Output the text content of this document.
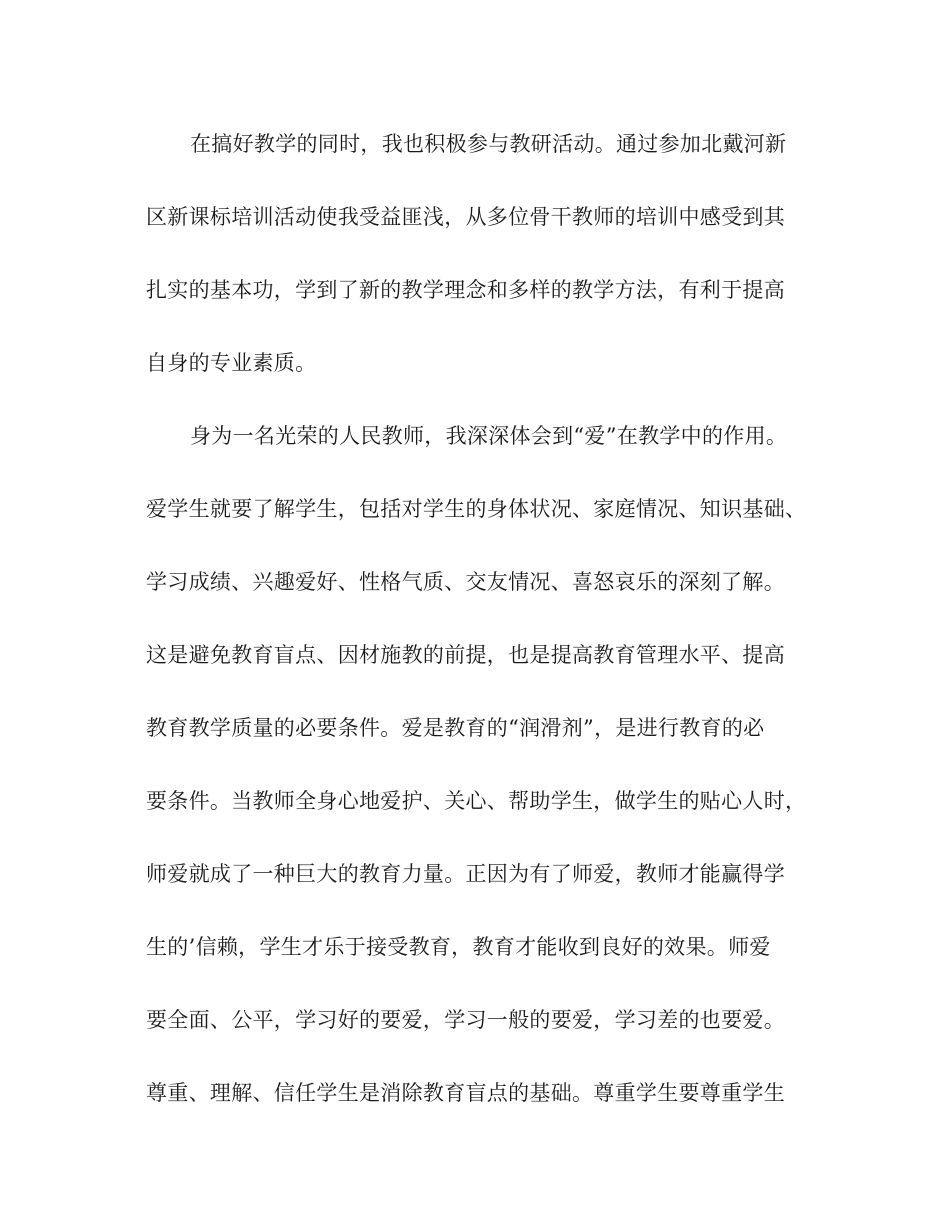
在搞好教学的同时，我也积极参与教研活动。通过参加北戴河新
区新课标培训活动使我受益匪浅，从多位骨干教师的培训中感受到其
扎实的基本功，学到了新的教学理念和多样的教学方法，有利于提高
自身的专业素质。
身为一名光荣的人民教师，我深深体会到“爱”在教学中的作用。
爱学生就要了解学生，包括对学生的身体状况、家庭情况、知识基础、
学习成绩、兴趣爱好、性格气质、交友情况、喜怒哀乐的深刻了解。
这是避免教育盲点、因材施教的前提，也是提高教育管理水平、提高
教育教学质量的必要条件。爱是教育的“润滑剂”，是进行教育的必
要条件。当教师全身心地爱护、关心、帮助学生，做学生的贴心人时，
师爱就成了一种巨大的教育力量。正因为有了师爱，教师才能赢得学
生的’信赖，学生才乐于接受教育，教育才能收到良好的效果。师爱
要全面、公平，学习好的要爱，学习一般的要爱，学习差的也要爱。
尊重、理解、信任学生是消除教育盲点的基础。尊重学生要尊重学生
